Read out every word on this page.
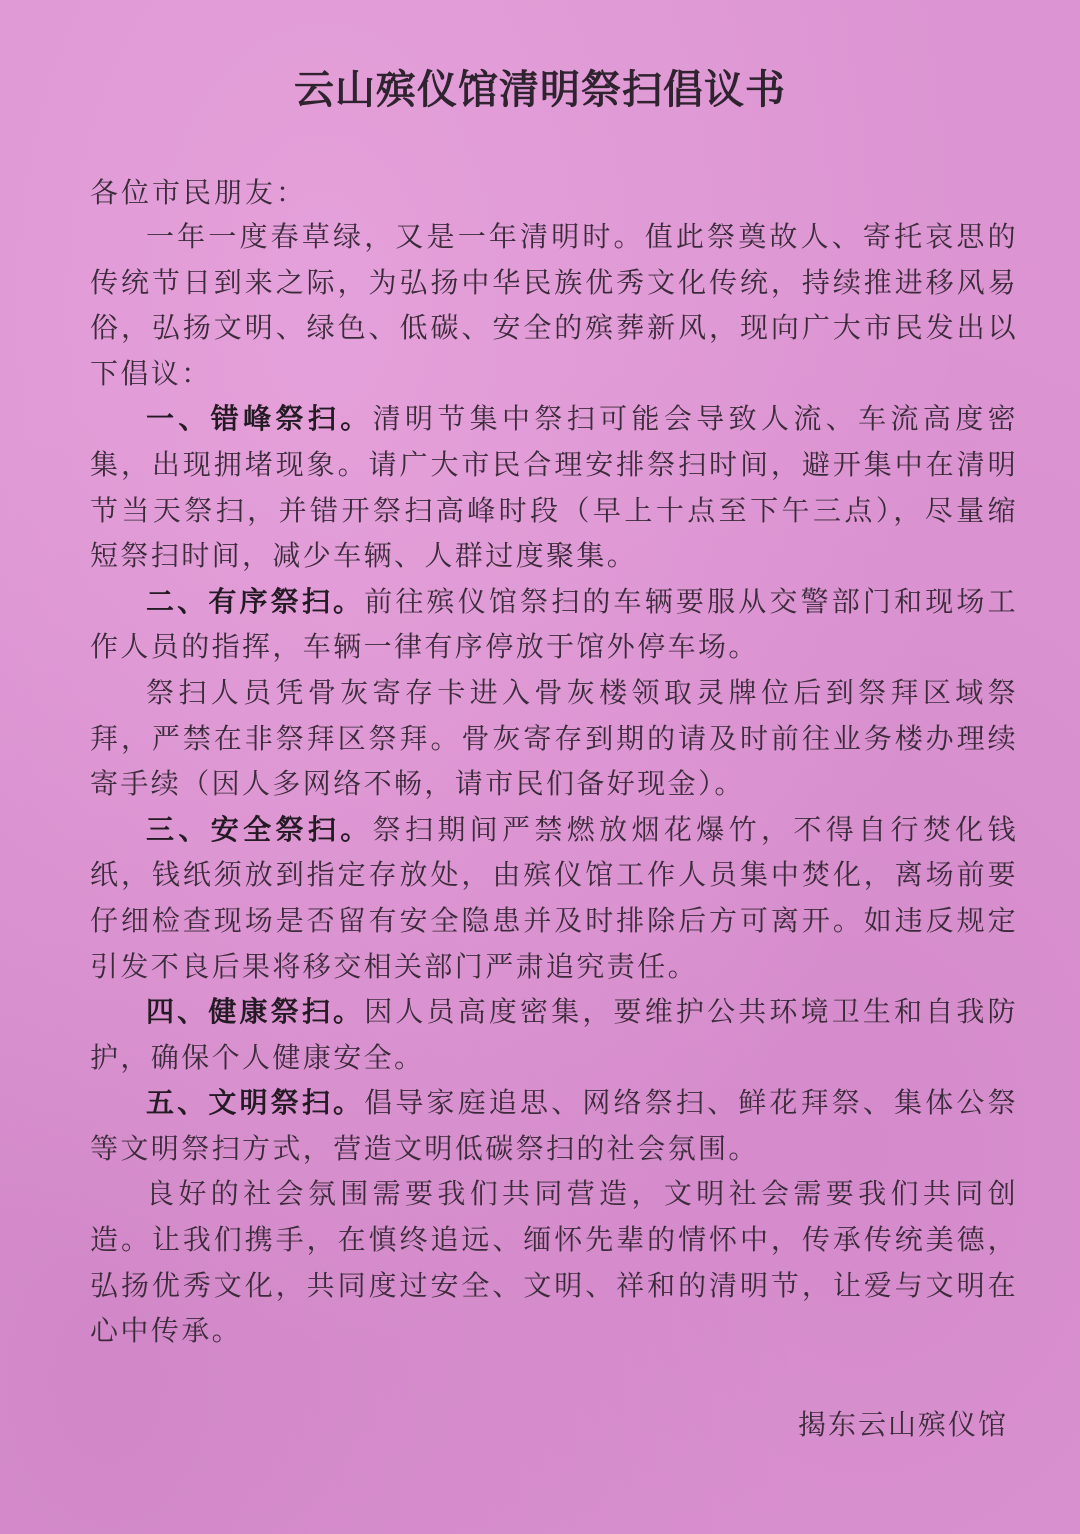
云山殡仪馆清明祭扫倡议书
各位市民朋友：

一年一度春草绿，又是一年清明时。值此祭奠故人、寄托哀思的传统节日到来之际，为弘扬中华民族优秀文化传统，持续推进移风易俗，弘扬文明、绿色、低碳、安全的殡葬新风，现向广大市民发出以下倡议：

一、错峰祭扫。清明节集中祭扫可能会导致人流、车流高度密集，出现拥堵现象。请广大市民合理安排祭扫时间，避开集中在清明节当天祭扫，并错开祭扫高峰时段（早上十点至下午三点），尽量缩短祭扫时间，减少车辆、人群过度聚集。

二、有序祭扫。前往殡仪馆祭扫的车辆要服从交警部门和现场工作人员的指挥，车辆一律有序停放于馆外停车场。

祭扫人员凭骨灰寄存卡进入骨灰楼领取灵牌位后到祭拜区域祭拜，严禁在非祭拜区祭拜。骨灰寄存到期的请及时前往业务楼办理续寄手续（因人多网络不畅，请市民们备好现金）。

三、安全祭扫。祭扫期间严禁燃放烟花爆竹，不得自行焚化钱纸，钱纸须放到指定存放处，由殡仪馆工作人员集中焚化，离场前要仔细检查现场是否留有安全隐患并及时排除后方可离开。如违反规定引发不良后果将移交相关部门严肃追究责任。

四、健康祭扫。因人员高度密集，要维护公共环境卫生和自我防护，确保个人健康安全。

五、文明祭扫。倡导家庭追思、网络祭扫、鲜花拜祭、集体公祭等文明祭扫方式，营造文明低碳祭扫的社会氛围。

良好的社会氛围需要我们共同营造，文明社会需要我们共同创造。让我们携手，在慎终追远、缅怀先辈的情怀中，传承传统美德，弘扬优秀文化，共同度过安全、文明、祥和的清明节，让爱与文明在心中传承。

揭东云山殡仪馆
